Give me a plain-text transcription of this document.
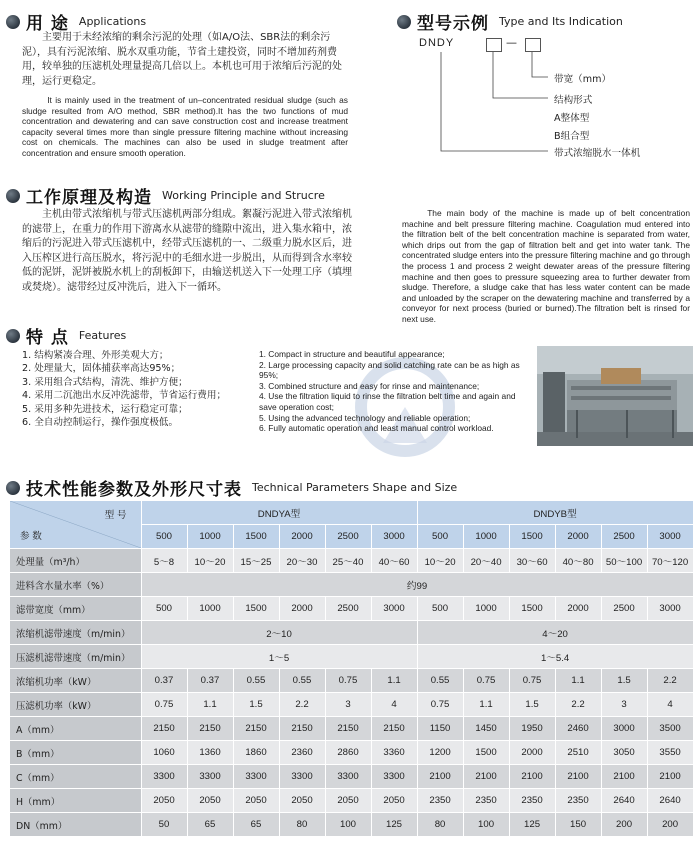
用 途 Applications

主要用于未经浓缩的剩余污泥的处理（如A/O法、SBR法的剩余污泥），具有污泥浓缩、脱水双重功能，节省土建投资，同时不增加药剂费用，较单独的压滤机处理量提高几倍以上。本机也可用于浓缩后污泥的处理，运行更稳定。

It is mainly used in the treatment of un–concentrated residual sludge (such as sludge resulted from A/O method, SBR method).It has the two functions of mud concentration and dewatering and can save construction cost and increase treatment capacity several times more than single pressure filtering machine without increasing cost on chemicals. The machines can also be used in sludge treatment after concentration and ensure smooth operation.

型号示例 Type and Its Indication
DNDY	—
带宽（mm）
结构形式
A整体型
B组合型
带式浓缩脱水一体机
工作原理及构造 Working Principle and Strucre

主机由带式浓缩机与带式压滤机两部分组成。絮凝污泥进入带式浓缩机的滤带上，在重力的作用下游离水从滤带的缝隙中流出，进入集水箱中，浓缩后的污泥进入带式压滤机中，经带式压滤机的一、二级重力脱水区后，进入压榨区进行高压脱水，将污泥中的毛细水进一步脱出，从而得到含水率较低的泥饼，泥饼被脱水机上的刮板卸下，由输送机送入下一处理工序（填埋或焚烧）。滤带经过反冲洗后，进入下一循环。

The main body of the machine is made up of belt concentration machine and belt pressure filtering machine. Coagulation mud entered into the filtration belt of the belt concentration machine is separated from water, which drips out from the gap of filtration belt and get into water tank. The concentrated sludge enters into the pressure filtering machine and go through the process 1 and process 2 weight dewater areas of the pressure filtering machine and then goes to pressure squeezing area to further dewater from sludge. Therefore, a sludge cake that has less water content can be made and unloaded by the scraper on the dewatering machine and transferred by a conveyor for next process (buried or burned).The filtration belt is rinsed for next use.

特 点 Features
1. 结构紧凑合理、外形美观大方；
2. 处理量大，固体捕获率高达95%；
3. 采用组合式结构，清洗、维护方便；
4. 采用二沉池出水反冲洗滤带，节省运行费用；
5. 采用多种先进技术，运行稳定可靠；
6. 全自动控制运行，操作强度极低。
1. Compact in structure and beautiful appearance;
2. Large processing capacity and solid catching rate can be as high as 95%;
3. Combined structure and easy for rinse and maintenance;
4. Use the filtration liquid to rinse the filtration belt time and again and save operation cost;
5. Using the advanced technology and reliable operation;
6. Fully automatic operation and least manual control workload.
技术性能参数及外形尺寸表 Technical Parameters Shape and Size
型 号
参 数	DNDYA型						DNDYB型					
	500	1000	1500	2000	2500	3000	500	1000	1500	2000	2500	3000
处理量（m³/h）	5～8	10～20	15～25	20～30	25～40	40～60	10～20	20～40	30～60	40～80	50～100	70～120
进料含水量水率（%）	约99											
滤带宽度（mm）	500	1000	1500	2000	2500	3000	500	1000	1500	2000	2500	3000
浓缩机滤带速度（m/min）	2～10						4～20					
压滤机滤带速度（m/min）	1～5						1～5.4					
浓缩机功率（kW）	0.37	0.37	0.55	0.55	0.75	1.1	0.55	0.75	0.75	1.1	1.5	2.2
压滤机功率（kW）	0.75	1.1	1.5	2.2	3	4	0.75	1.1	1.5	2.2	3	4
A（mm）	2150	2150	2150	2150	2150	2150	1150	1450	1950	2460	3000	3500
B（mm）	1060	1360	1860	2360	2860	3360	1200	1500	2000	2510	3050	3550
C（mm）	3300	3300	3300	3300	3300	3300	2100	2100	2100	2100	2100	2100
H（mm）	2050	2050	2050	2050	2050	2050	2350	2350	2350	2350	2640	2640
DN（mm）	50	65	65	80	100	125	80	100	125	150	200	200
